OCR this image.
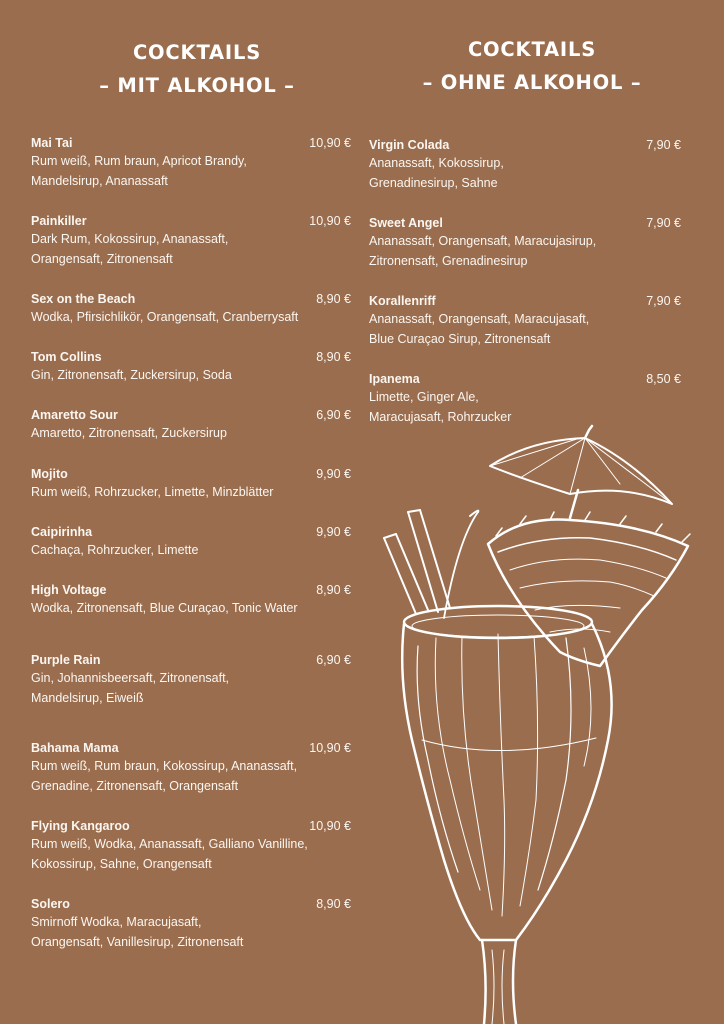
COCKTAILS
– MIT ALKOHOL –
COCKTAILS
– OHNE ALKOHOL –
Mai Tai	10,90 €
Rum weiß, Rum braun, Apricot Brandy,
Mandelsirup, Ananassaft
Painkiller	10,90 €
Dark Rum, Kokossirup, Ananassaft,
Orangensaft, Zitronensaft
Sex on the Beach	8,90 €
Wodka, Pfirsichlikör, Orangensaft, Cranberrysaft
Tom Collins	8,90 €
Gin, Zitronensaft, Zuckersirup, Soda
Amaretto Sour	6,90 €
Amaretto, Zitronensaft, Zuckersirup
Mojito	9,90 €
Rum weiß, Rohrzucker, Limette, Minzblätter
Caipirinha	9,90 €
Cachaça, Rohrzucker, Limette
High Voltage	8,90 €
Wodka, Zitronensaft, Blue Curaçao, Tonic Water
Purple Rain	6,90 €
Gin, Johannisbeersaft, Zitronensaft,
Mandelsirup, Eiweiß
Bahama Mama	10,90 €
Rum weiß, Rum braun, Kokossirup, Ananassaft,
Grenadine, Zitronensaft, Orangensaft
Flying Kangaroo	10,90 €
Rum weiß, Wodka, Ananassaft, Galliano Vanilline,
Kokossirup, Sahne, Orangensaft
Solero	8,90 €
Smirnoff Wodka, Maracujasaft,
Orangensaft, Vanillesirup, Zitronensaft
Virgin Colada	7,90 €
Ananassaft, Kokossirup,
Grenadinesirup, Sahne
Sweet Angel	7,90 €
Ananassaft, Orangensaft, Maracujasirup,
Zitronensaft, Grenadinesirup
Korallenriff	7,90 €
Ananassaft, Orangensaft, Maracujasaft,
Blue Curaçao Sirup, Zitronensaft
Ipanema	8,50 €
Limette, Ginger Ale,
Maracujasaft, Rohrzucker
